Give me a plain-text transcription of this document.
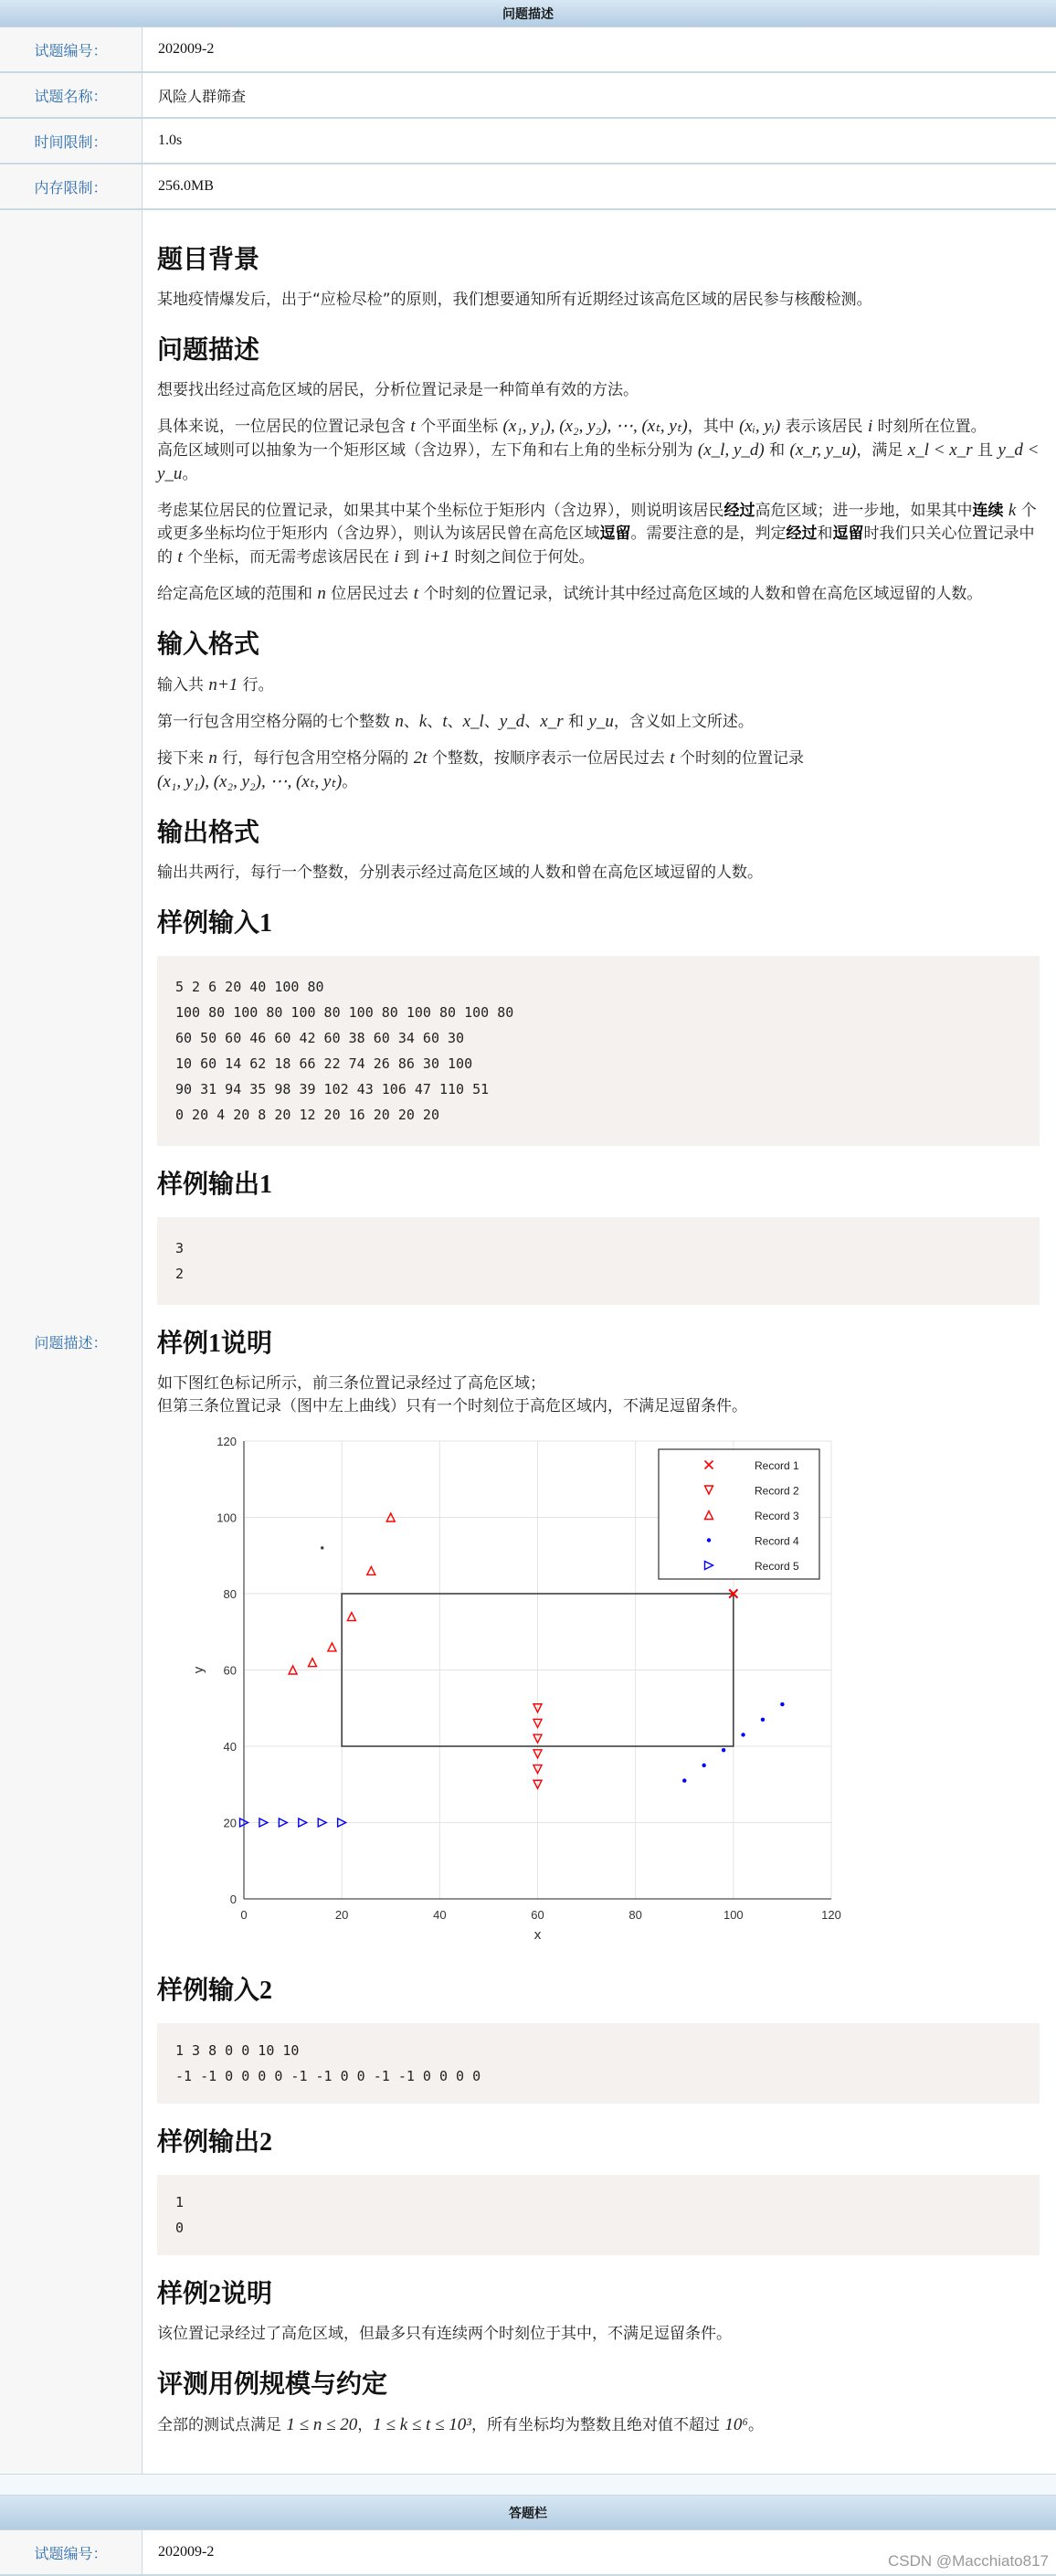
问题描述
试题编号：	202009-2
试题名称：	风险人群筛查
时间限制：	1.0s
内存限制：	256.0MB
问题描述：
题目背景

某地疫情爆发后，出于“应检尽检”的原则，我们想要通知所有近期经过该高危区域的居民参与核酸检测。

问题描述

想要找出经过高危区域的居民，分析位置记录是一种简单有效的方法。

具体来说，一位居民的位置记录包含 t 个平面坐标 (x₁, y₁), (x₂, y₂), ⋯, (xₜ, yₜ)，其中 (xᵢ, yᵢ) 表示该居民 i 时刻所在位置。
高危区域则可以抽象为一个矩形区域（含边界），左下角和右上角的坐标分别为 (x_l, y_d) 和 (x_r, y_u)，满足 x_l < x_r 且 y_d < y_u。

考虑某位居民的位置记录，如果其中某个坐标位于矩形内（含边界），则说明该居民经过高危区域；进一步地，如果其中连续 k 个或更多坐标均位于矩形内（含边界），则认为该居民曾在高危区域逗留。需要注意的是，判定经过和逗留时我们只关心位置记录中的 t 个坐标，而无需考虑该居民在 i 到 i+1 时刻之间位于何处。

给定高危区域的范围和 n 位居民过去 t 个时刻的位置记录，试统计其中经过高危区域的人数和曾在高危区域逗留的人数。

输入格式

输入共 n+1 行。

第一行包含用空格分隔的七个整数 n、k、t、x_l、y_d、x_r 和 y_u，含义如上文所述。

接下来 n 行，每行包含用空格分隔的 2t 个整数，按顺序表示一位居民过去 t 个时刻的位置记录
(x₁, y₁), (x₂, y₂), ⋯, (xₜ, yₜ)。

输出格式

输出共两行，每行一个整数，分别表示经过高危区域的人数和曾在高危区域逗留的人数。

样例输入1
5 2 6 20 40 100 80
100 80 100 80 100 80 100 80 100 80 100 80
60 50 60 46 60 42 60 38 60 34 60 30
10 60 14 62 18 66 22 74 26 86 30 100
90 31 94 35 98 39 102 43 106 47 110 51
0 20 4 20 8 20 12 20 16 20 20 20
样例输出1
3
2
样例1说明

如下图红色标记所示，前三条位置记录经过了高危区域；
但第三条位置记录（图中左上曲线）只有一个时刻位于高危区域内，不满足逗留条件。

0	20	40	60	80	100	120
0
20
40
60
80
100
120
x
y
Record 1
Record 2
Record 3
Record 4
Record 5
样例输入2
1 3 8 0 0 10 10
-1 -1 0 0 0 0 -1 -1 0 0 -1 -1 0 0 0 0
样例输出2
1
0
样例2说明

该位置记录经过了高危区域，但最多只有连续两个时刻位于其中，不满足逗留条件。

评测用例规模与约定

全部的测试点满足 1 ≤ n ≤ 20，1 ≤ k ≤ t ≤ 10³，所有坐标均为整数且绝对值不超过 10⁶。

答题栏
试题编号：	202009-2
CSDN @Macchiato817
